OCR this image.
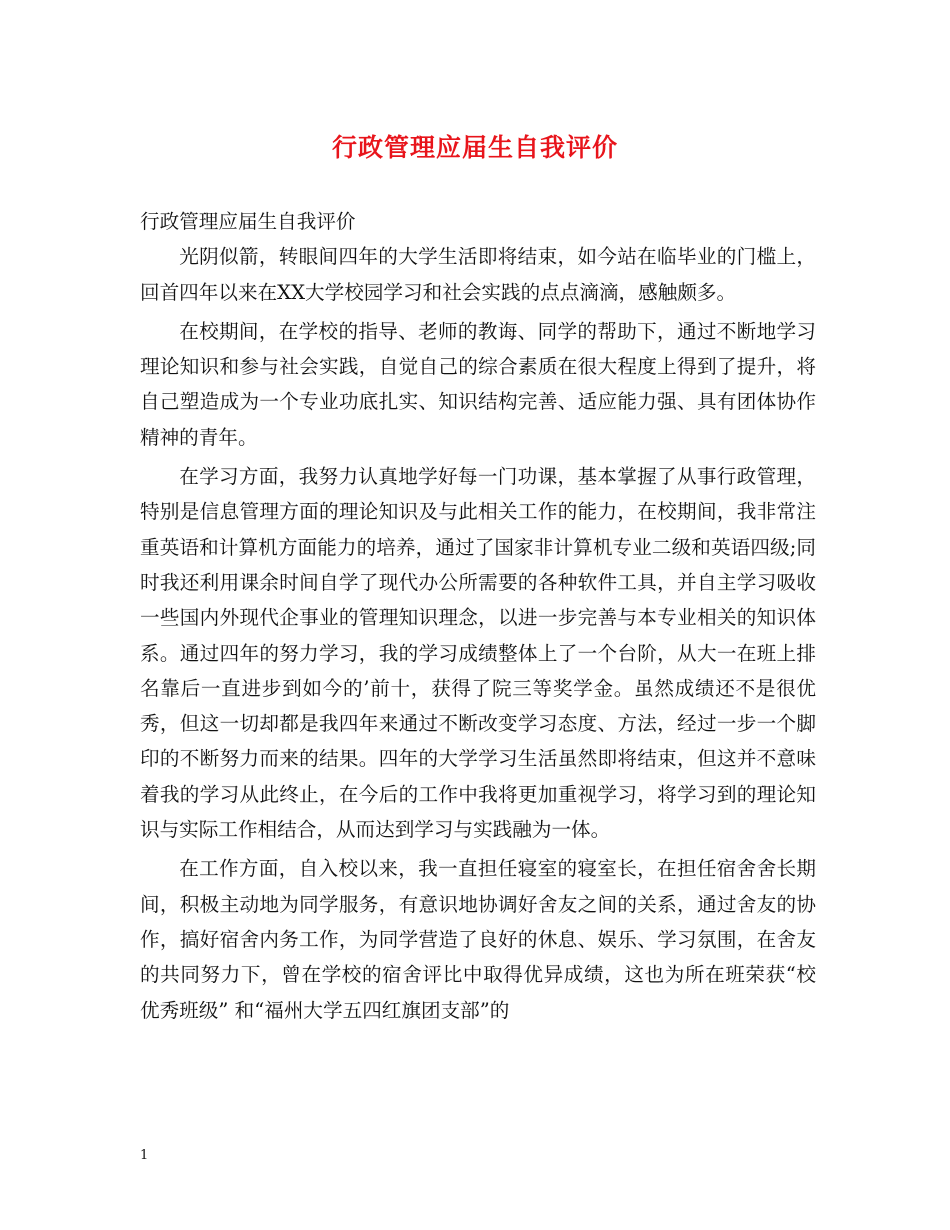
行政管理应届生自我评价

行政管理应届生自我评价

光阴似箭，转眼间四年的大学生活即将结束，如今站在临毕业的门槛上，回首四年以来在XX大学校园学习和社会实践的点点滴滴，感触颇多。

在校期间，在学校的指导、老师的教诲、同学的帮助下，通过不断地学习理论知识和参与社会实践，自觉自己的综合素质在很大程度上得到了提升，将自己塑造成为一个专业功底扎实、知识结构完善、适应能力强、具有团体协作精神的青年。

在学习方面，我努力认真地学好每一门功课，基本掌握了从事行政管理，特别是信息管理方面的理论知识及与此相关工作的能力，在校期间，我非常注重英语和计算机方面能力的培养，通过了国家非计算机专业二级和英语四级;同时我还利用课余时间自学了现代办公所需要的各种软件工具，并自主学习吸收一些国内外现代企事业的管理知识理念，以进一步完善与本专业相关的知识体系。通过四年的努力学习，我的学习成绩整体上了一个台阶，从大一在班上排名靠后一直进步到如今的’前十，获得了院三等奖学金。虽然成绩还不是很优秀，但这一切却都是我四年来通过不断改变学习态度、方法，经过一步一个脚印的不断努力而来的结果。四年的大学学习生活虽然即将结束，但这并不意味着我的学习从此终止，在今后的工作中我将更加重视学习，将学习到的理论知识与实际工作相结合，从而达到学习与实践融为一体。

在工作方面，自入校以来，我一直担任寝室的寝室长，在担任宿舍舍长期间，积极主动地为同学服务，有意识地协调好舍友之间的关系，通过舍友的协作，搞好宿舍内务工作，为同学营造了良好的休息、娱乐、学习氛围，在舍友的共同努力下，曾在学校的宿舍评比中取得优异成绩，这也为所在班荣获“校优秀班级” 和“福州大学五四红旗团支部”的

1
